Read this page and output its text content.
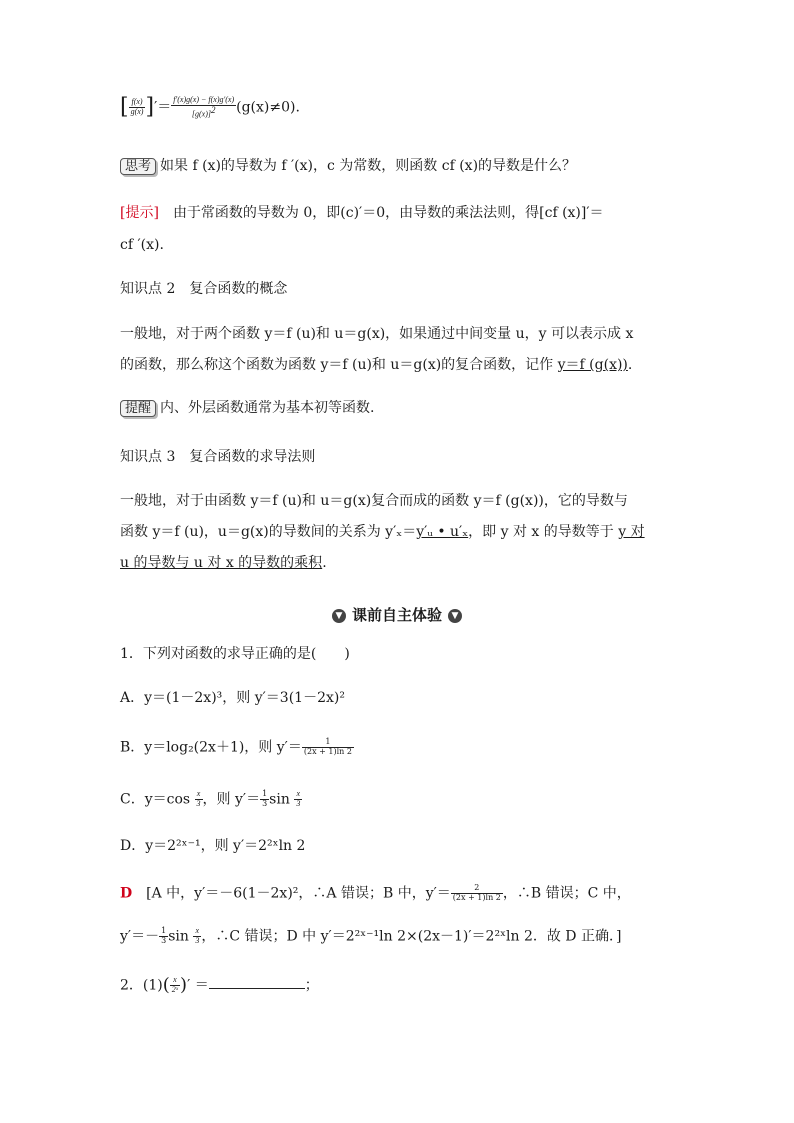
[ $\frac{f(x)}{g(x)}$ ]′＝ $\frac{f'(x)g(x) - f(x)g'(x)}{[g(x)]^2} (g(x)\ne 0)$.
思考 如果 f (x)的导数为 f ′(x)，c 为常数，则函数 cf (x)的导数是什么？
[提示]　 由于常函数的导数为 0，即(c)′＝0，由导数的乘法法则，得[cf (x)]′＝
cf ′(x).
知识点 2　复合函数的概念
一般地，对于两个函数 y＝f (u)和 u＝g(x)，如果通过中间变量 u，y 可以表示成 x
的函数，那么称这个函数为函数 y＝f (u)和 u＝g(x)的复合函数，记作 y＝f (g(x)).
提醒 内、外层函数通常为基本初等函数.
知识点 3　复合函数的求导法则
一般地，对于由函数 y＝f (u)和 u＝g(x)复合而成的函数 y＝f (g(x))，它的导数与
函数 y＝f (u)，u＝g(x)的导数间的关系为 y′ₓ＝y′ᵤ • u′ₓ，即 y 对 x 的导数等于 y 对
u 的导数与 u 对 x 的导数的乘积.
▼ 课前自主体验 ▼
1．下列对函数的求导正确的是(　　)
A．y＝(1－2x)³，则 y′＝3(1－2x)²
B．y＝log₂(2x＋1)，则 $y'= \frac{1}{(2x + 1)\ln 2}$
C．$y=\cos \frac{x}{3}$ ，则 $y'= \frac{1}{3}$ $\sin \frac{x}{3}$
D．y＝2²ˣ⁻¹，则 y′＝2²ˣln 2
D　 [A 中，y′＝－6(1－2x)²，∴A 错误；B 中，$y'= \frac{2}{(2x + 1)\ln 2}$ ，∴B 错误；C 中，
$y'=- \frac{1}{3}$ $\sin \frac{x}{3}$ ，∴C 错误；D 中 y′＝2²ˣ⁻¹ln 2×(2x－1)′＝2²ˣln 2．故 D 正确．]
2．$(1)( \frac{x}{\text{2ˣ}}$ )′ ＝	；
